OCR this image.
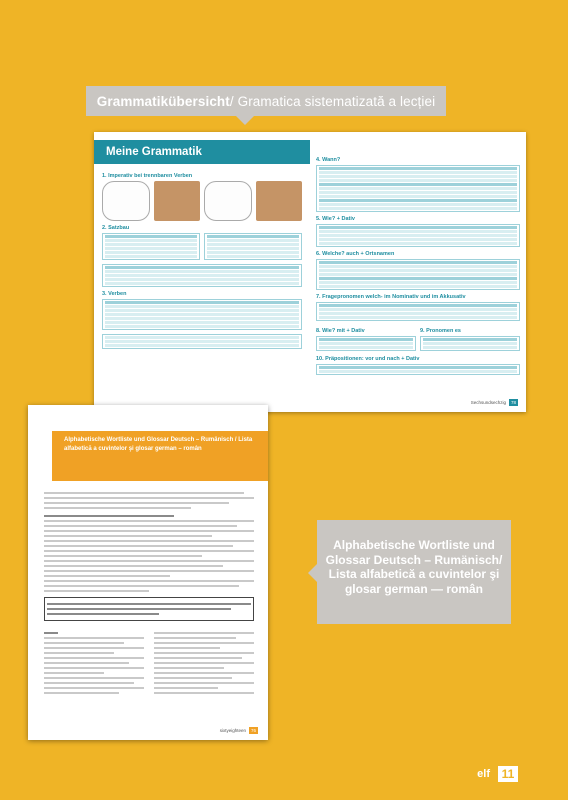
Grammatikübersicht / Gramatica sistematizată a lecției
Meine Grammatik
1. Imperativ bei trennbaren Verben
2. Satzbau
3. Verben
4. Wann?
5. Wie? + Dativ
6. Welche? auch + Ortsnamen
7. Fragepronomen welch- im Nominativ und im Akkusativ
8. Wie? mit + Dativ	9. Pronomen es
10. Präpositionen: vor und nach + Dativ
Sechsundsechzig	78
Alphabetische Wortliste und Glossar Deutsch – Rumänisch / Lista alfabetică a cuvintelor şi glosar german – român
sixtyeighteen	76
Alphabetische Wortliste und Glossar Deutsch – Rumänisch/ Lista alfabetică a cuvintelor şi glosar german — român
elf 11
